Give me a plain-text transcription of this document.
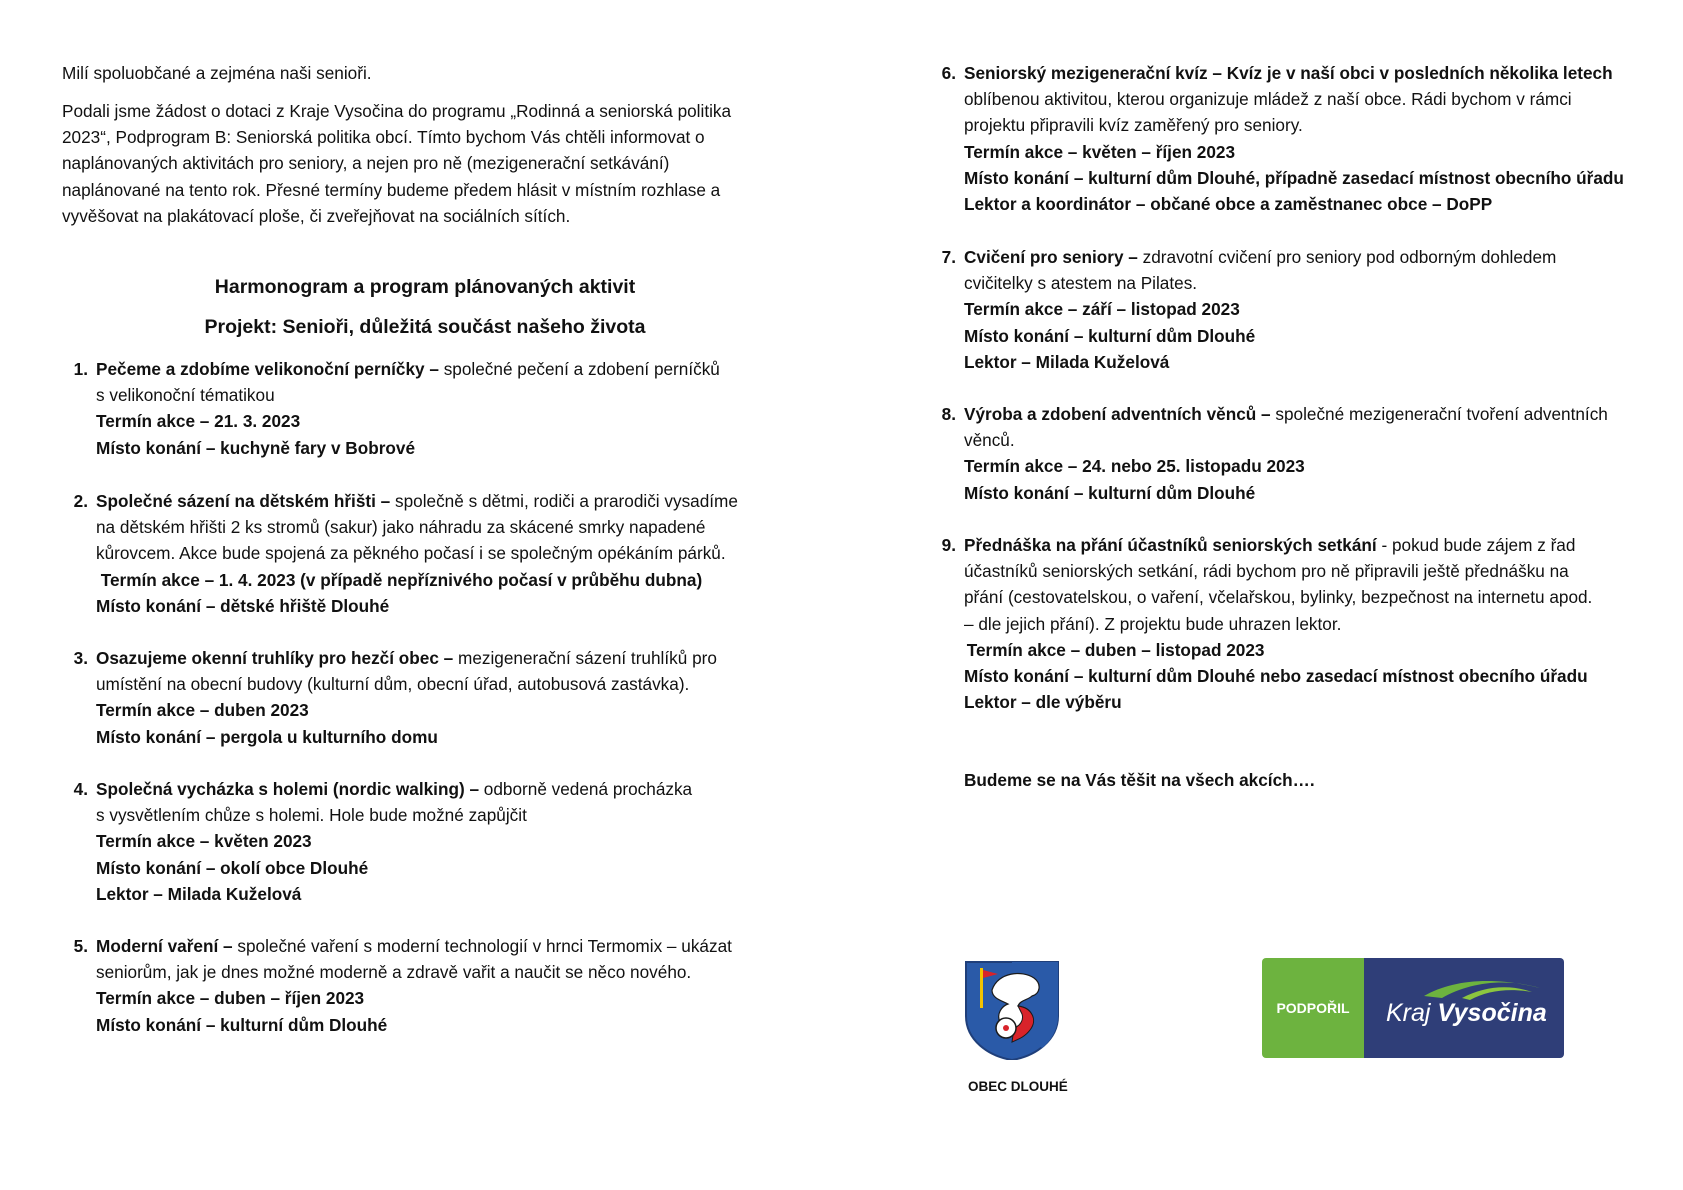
Milí spoluobčané a zejména naši senioři.
Podali jsme žádost o dotaci z Kraje Vysočina do programu „Rodinná a seniorská politika
2023“, Podprogram B: Seniorská politika obcí. Tímto bychom Vás chtěli informovat o
naplánovaných aktivitách pro seniory, a nejen pro ně (mezigenerační setkávání)
naplánované na tento rok. Přesné termíny budeme předem hlásit v místním rozhlase a
vyvěšovat na plakátovací ploše, či zveřejňovat na sociálních sítích.
Harmonogram a program plánovaných aktivit
Projekt: Senioři, důležitá součást našeho života
1. Pečeme a zdobíme velikonoční perníčky – společné pečení a zdobení perníčků
s velikonoční tématikou
Termín akce – 21. 3. 2023
Místo konání – kuchyně fary v Bobrové
2. Společné sázení na dětském hřišti – společně s dětmi, rodiči a prarodiči vysadíme
na dětském hřišti 2 ks stromů (sakur) jako náhradu za skácené smrky napadené
kůrovcem. Akce bude spojená za pěkného počasí i se společným opékáním párků.
Termín akce – 1. 4. 2023 (v případě nepříznivého počasí v průběhu dubna)
Místo konání – dětské hřiště Dlouhé
3. Osazujeme okenní truhlíky pro hezčí obec – mezigenerační sázení truhlíků pro
umístění na obecní budovy (kulturní dům, obecní úřad, autobusová zastávka).
Termín akce – duben 2023
Místo konání – pergola u kulturního domu
4. Společná vycházka s holemi (nordic walking) – odborně vedená procházka
s vysvětlením chůze s holemi. Hole bude možné zapůjčit
Termín akce – květen 2023
Místo konání – okolí obce Dlouhé
Lektor – Milada Kuželová
5. Moderní vaření – společné vaření s moderní technologií v hrnci Termomix – ukázat
seniorům, jak je dnes možné moderně a zdravě vařit a naučit se něco nového.
Termín akce – duben – říjen 2023
Místo konání – kulturní dům Dlouhé
6. Seniorský mezigenerační kvíz – Kvíz je v naší obci v posledních několika letech
oblíbenou aktivitou, kterou organizuje mládež z naší obce. Rádi bychom v rámci
projektu připravili kvíz zaměřený pro seniory.
Termín akce – květen – říjen 2023
Místo konání – kulturní dům Dlouhé, případně zasedací místnost obecního úřadu
Lektor a koordinátor – občané obce a zaměstnanec obce – DoPP
7. Cvičení pro seniory – zdravotní cvičení pro seniory pod odborným dohledem
cvičitelky s atestem na Pilates.
Termín akce – září – listopad 2023
Místo konání – kulturní dům Dlouhé
Lektor – Milada Kuželová
8. Výroba a zdobení adventních věnců – společné mezigenerační tvoření adventních
věnců.
Termín akce – 24. nebo 25. listopadu 2023
Místo konání – kulturní dům Dlouhé
9. Přednáška na přání účastníků seniorských setkání - pokud bude zájem z řad
účastníků seniorských setkání, rádi bychom pro ně připravili ještě přednášku na
přání (cestovatelskou, o vaření, včelařskou, bylinky, bezpečnost na internetu apod.
– dle jejich přání). Z projektu bude uhrazen lektor.
Termín akce – duben – listopad 2023
Místo konání – kulturní dům Dlouhé nebo zasedací místnost obecního úřadu
Lektor – dle výběru
Budeme se na Vás těšit na všech akcích….
OBEC DLOUHÉ
PODPOŘIL	Kraj Vysočina
